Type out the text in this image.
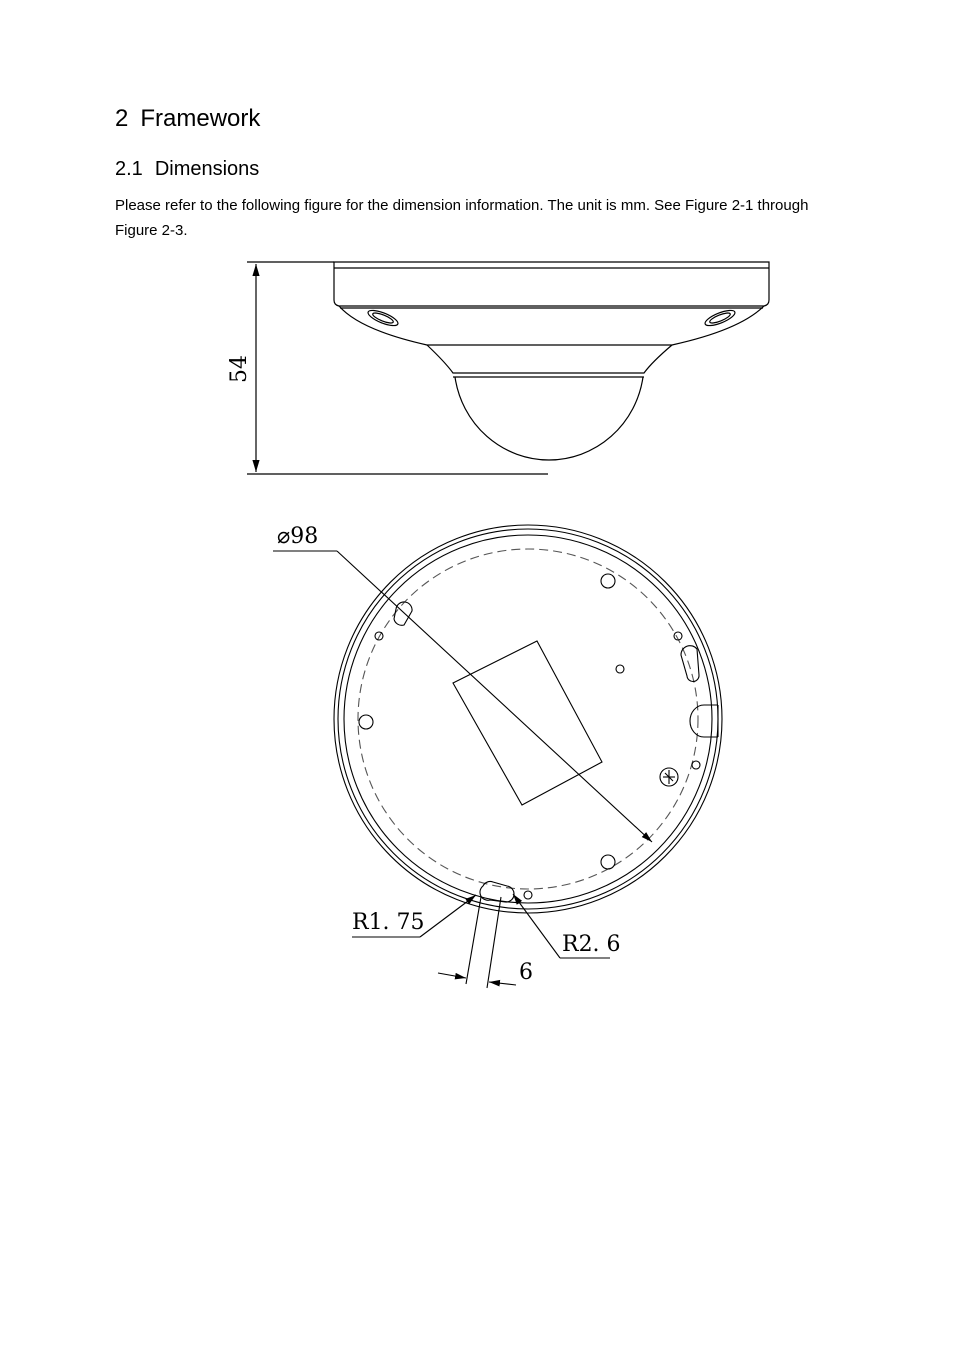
2 Framework
2.1 Dimensions

Please refer to the following figure for the dimension information. The unit is mm. See Figure 2-1 through Figure 2-3.

54
⌀98
R1. 75
R2. 6
6
